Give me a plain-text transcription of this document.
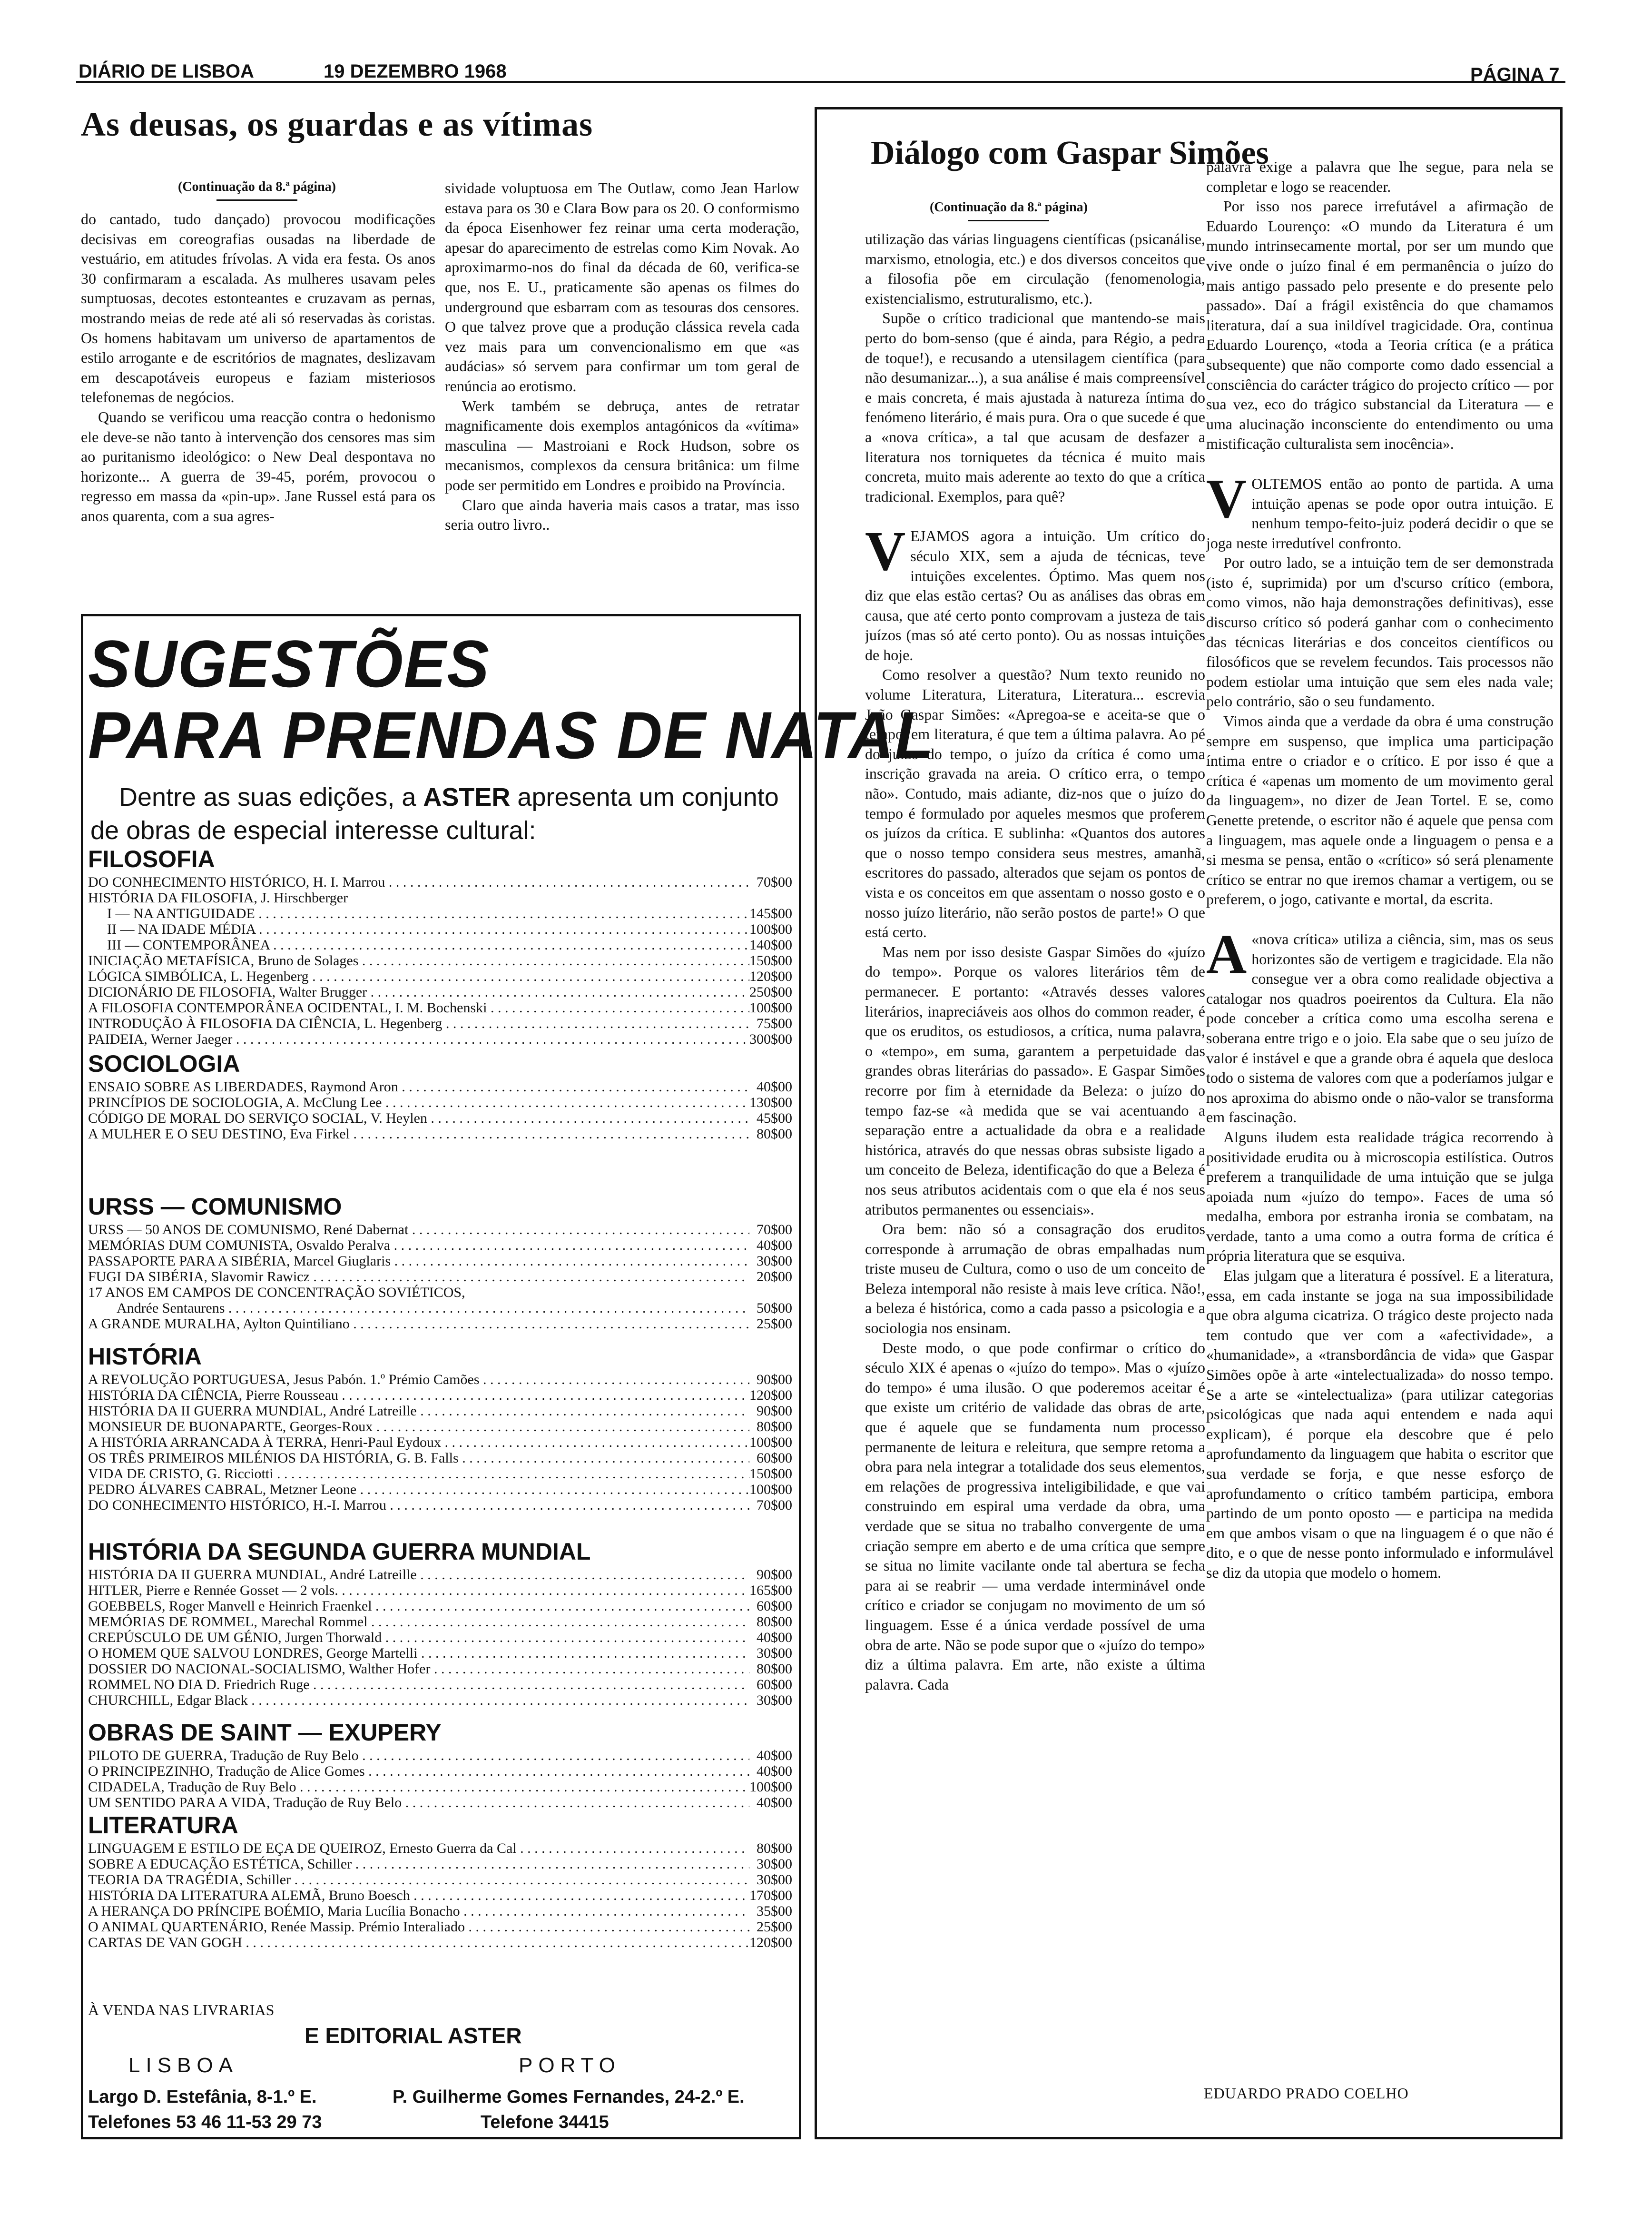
DIÁRIO DE LISBOA	19 DEZEMBRO 1968	PÁGINA 7
As deusas, os guardas e as vítimas
(Continuação da 8.ª página)

do cantado, tudo dançado) provocou modificações decisivas em coreografias ousadas na liberdade de vestuário, em atitudes frívolas. A vida era festa. Os anos 30 confirmaram a escalada. As mulheres usavam peles sumptuosas, decotes estonteantes e cruzavam as pernas, mostrando meias de rede até ali só reservadas às coristas. Os homens habitavam um universo de apartamentos de estilo arrogante e de escritórios de magnates, deslizavam em descapotáveis europeus e faziam misteriosos telefonemas de negócios.

Quando se verificou uma reacção contra o hedonismo ele deve-se não tanto à intervenção dos censores mas sim ao puritanismo ideológico: o New Deal despontava no horizonte... A guerra de 39-45, porém, provocou o regresso em massa da «pin-up». Jane Russel está para os anos quarenta, com a sua agres-

sividade voluptuosa em The Outlaw, como Jean Harlow estava para os 30 e Clara Bow para os 20. O conformismo da época Eisenhower fez reinar uma certa moderação, apesar do aparecimento de estrelas como Kim Novak. Ao aproximarmo-nos do final da década de 60, verifica-se que, nos E. U., praticamente são apenas os filmes do underground que esbarram com as tesouras dos censores. O que talvez prove que a produção clássica revela cada vez mais para um convencionalismo em que «as audácias» só servem para confirmar um tom geral de renúncia ao erotismo.

Werk também se debruça, antes de retratar magnificamente dois exemplos antagónicos da «vítima» masculina — Mastroiani e Rock Hudson, sobre os mecanismos, complexos da censura britânica: um filme pode ser permitido em Londres e proibido na Província.

Claro que ainda haveria mais casos a tratar, mas isso seria outro livro..

SUGESTÕES
PARA PRENDAS DE NATAL
Dentre as suas edições, a ASTER apresenta um conjunto de obras de especial interesse cultural:
FILOSOFIA
DO CONHECIMENTO HISTÓRICO, H. I. Marrou . . .	70$00
HISTÓRIA DA FILOSOFIA, J. Hirschberger
I — NA ANTIGUIDADE . . .	145$00
II — NA IDADE MÉDIA . . .	100$00
III — CONTEMPORÂNEA . . .	140$00
INICIAÇÃO METAFÍSICA, Bruno de Solages . . .	150$00
LÓGICA SIMBÓLICA, L. Hegenberg . . .	120$00
DICIONÁRIO DE FILOSOFIA, Walter Brugger . . .	250$00
A FILOSOFIA CONTEMPORÂNEA OCIDENTAL, I. M. Bochenski . . .	100$00
INTRODUÇÃO À FILOSOFIA DA CIÊNCIA, L. Hegenberg . . .	75$00
PAIDEIA, Werner Jaeger . . .	300$00
SOCIOLOGIA
ENSAIO SOBRE AS LIBERDADES, Raymond Aron . . .	40$00
PRINCÍPIOS DE SOCIOLOGIA, A. McClung Lee . . .	130$00
CÓDIGO DE MORAL DO SERVIÇO SOCIAL, V. Heylen . . .	45$00
A MULHER E O SEU DESTINO, Eva Firkel . . .	80$00
URSS — COMUNISMO
URSS — 50 ANOS DE COMUNISMO, René Dabernat . . .	70$00
MEMÓRIAS DUM COMUNISTA, Osvaldo Peralva . . .	40$00
PASSAPORTE PARA A SIBÉRIA, Marcel Giuglaris . . .	30$00
FUGI DA SIBÉRIA, Slavomir Rawicz . . .	20$00
17 ANOS EM CAMPOS DE CONCENTRAÇÃO SOVIÉTICOS,
Andrée Sentaurens . . .	50$00
A GRANDE MURALHA, Aylton Quintiliano . . .	25$00
HISTÓRIA
A REVOLUÇÃO PORTUGUESA, Jesus Pabón. 1.º Prémio Camões . . .	90$00
HISTÓRIA DA CIÊNCIA, Pierre Rousseau . . .	120$00
HISTÓRIA DA II GUERRA MUNDIAL, André Latreille . . .	90$00
MONSIEUR DE BUONAPARTE, Georges-Roux . . .	80$00
A HISTÓRIA ARRANCADA À TERRA, Henri-Paul Eydoux . . .	100$00
OS TRÊS PRIMEIROS MILÉNIOS DA HISTÓRIA, G. B. Falls . . .	60$00
VIDA DE CRISTO, G. Ricciotti . . .	150$00
PEDRO ÁLVARES CABRAL, Metzner Leone . . .	100$00
DO CONHECIMENTO HISTÓRICO, H.-I. Marrou . . .	70$00
HISTÓRIA DA SEGUNDA GUERRA MUNDIAL
HISTÓRIA DA II GUERRA MUNDIAL, André Latreille . . .	90$00
HITLER, Pierre e Rennée Gosset — 2 vols. . . .	165$00
GOEBBELS, Roger Manvell e Heinrich Fraenkel . . .	60$00
MEMÓRIAS DE ROMMEL, Marechal Rommel . . .	80$00
CREPÚSCULO DE UM GÉNIO, Jurgen Thorwald . . .	40$00
O HOMEM QUE SALVOU LONDRES, George Martelli . . .	30$00
DOSSIER DO NACIONAL-SOCIALISMO, Walther Hofer . . .	80$00
ROMMEL NO DIA D. Friedrich Ruge . . .	60$00
CHURCHILL, Edgar Black . . .	30$00
OBRAS DE SAINT — EXUPERY
PILOTO DE GUERRA, Tradução de Ruy Belo . . .	40$00
O PRINCIPEZINHO, Tradução de Alice Gomes . . .	40$00
CIDADELA, Tradução de Ruy Belo . . .	100$00
UM SENTIDO PARA A VIDA, Tradução de Ruy Belo . . .	40$00
LITERATURA
LINGUAGEM E ESTILO DE EÇA DE QUEIROZ, Ernesto Guerra da Cal . . .	80$00
SOBRE A EDUCAÇÃO ESTÉTICA, Schiller . . .	30$00
TEORIA DA TRAGÉDIA, Schiller . . .	30$00
HISTÓRIA DA LITERATURA ALEMÃ, Bruno Boesch . . .	170$00
A HERANÇA DO PRÍNCIPE BOÉMIO, Maria Lucília Bonacho . . .	35$00
O ANIMAL QUARTENÁRIO, Renée Massip. Prémio Interaliado . . .	25$00
CARTAS DE VAN GOGH . . .	120$00
À VENDA NAS LIVRARIAS
E EDITORIAL ASTER
LISBOA	PORTO
Largo D. Estefânia, 8-1.º E.
Telefones 53 46 11-53 29 73
P. Guilherme Gomes Fernandes, 24-2.º E.
Telefone 34415
Diálogo com Gaspar Simões
(Continuação da 8.ª página)

utilização das várias linguagens científicas (psicanálise, marxismo, etnologia, etc.) e dos diversos conceitos que a filosofia põe em circulação (fenomenologia, existencialismo, estruturalismo, etc.).

Supõe o crítico tradicional que mantendo-se mais perto do bom-senso (que é ainda, para Régio, a pedra de toque!), e recusando a utensilagem científica (para não desumanizar...), a sua análise é mais compreensível e mais concreta, é mais ajustada à natureza íntima do fenómeno literário, é mais pura. Ora o que sucede é que a «nova crítica», a tal que acusam de desfazer a literatura nos torniquetes da técnica é muito mais concreta, muito mais aderente ao texto do que a crítica tradicional. Exemplos, para quê?

VEJAMOS agora a intuição. Um crítico do século XIX, sem a ajuda de técnicas, teve intuições excelentes. Óptimo. Mas quem nos diz que elas estão certas? Ou as análises das obras em causa, que até certo ponto comprovam a justeza de tais juízos (mas só até certo ponto). Ou as nossas intuições de hoje.

Como resolver a questão? Num texto reunido no volume Literatura, Literatura, Literatura... escrevia João Gaspar Simões: «Apregoa-se e aceita-se que o tempo, em literatura, é que tem a última palavra. Ao pé do juízo do tempo, o juízo da crítica é como uma inscrição gravada na areia. O crítico erra, o tempo não». Contudo, mais adiante, diz-nos que o juízo do tempo é formulado por aqueles mesmos que proferem os juízos da crítica. E sublinha: «Quantos dos autores que o nosso tempo considera seus mestres, amanhã, escritores do passado, alterados que sejam os pontos de vista e os conceitos em que assentam o nosso gosto e o nosso juízo literário, não serão postos de parte!» O que está certo.

Mas nem por isso desiste Gaspar Simões do «juízo do tempo». Porque os valores literários têm de permanecer. E portanto: «Através desses valores literários, inapreciáveis aos olhos do common reader, é que os eruditos, os estudiosos, a crítica, numa palavra, o «tempo», em suma, garantem a perpetuidade das grandes obras literárias do passado». E Gaspar Simões recorre por fim à eternidade da Beleza: o juízo do tempo faz-se «à medida que se vai acentuando a separação entre a actualidade da obra e a realidade histórica, através do que nessas obras subsiste ligado a um conceito de Beleza, identificação do que a Beleza é nos seus atributos acidentais com o que ela é nos seus atributos permanentes ou essenciais».

Ora bem: não só a consagração dos eruditos corresponde à arrumação de obras empalhadas num triste museu de Cultura, como o uso de um conceito de Beleza intemporal não resiste à mais leve crítica. Não!, a beleza é histórica, como a cada passo a psicologia e a sociologia nos ensinam.

Deste modo, o que pode confirmar o crítico do século XIX é apenas o «juízo do tempo». Mas o «juízo do tempo» é uma ilusão. O que poderemos aceitar é que existe um critério de validade das obras de arte, que é aquele que se fundamenta num processo permanente de leitura e releitura, que sempre retoma a obra para nela integrar a totalidade dos seus elementos, em relações de progressiva inteligibilidade, e que vai construindo em espiral uma verdade da obra, uma verdade que se situa no trabalho convergente de uma criação sempre em aberto e de uma crítica que sempre se situa no limite vacilante onde tal abertura se fecha para ai se reabrir — uma verdade interminável onde crítico e criador se conjugam no movimento de um só linguagem. Esse é a única verdade possível de uma obra de arte. Não se pode supor que o «juízo do tempo» diz a última palavra. Em arte, não existe a última palavra. Cada

palavra exige a palavra que lhe segue, para nela se completar e logo se reacender.

Por isso nos parece irrefutável a afirmação de Eduardo Lourenço: «O mundo da Literatura é um mundo intrinsecamente mortal, por ser um mundo que vive onde o juízo final é em permanência o juízo do mais antigo passado pelo presente e do presente pelo passado». Daí a frágil existência do que chamamos literatura, daí a sua inildível tragicidade. Ora, continua Eduardo Lourenço, «toda a Teoria crítica (e a prática subsequente) que não comporte como dado essencial a consciência do carácter trágico do projecto crítico — por sua vez, eco do trágico substancial da Literatura — e uma alucinação inconsciente do entendimento ou uma mistificação culturalista sem inocência».

VOLTEMOS então ao ponto de partida. A uma intuição apenas se pode opor outra intuição. E nenhum tempo-feito-juiz poderá decidir o que se joga neste irredutível confronto.

Por outro lado, se a intuição tem de ser demonstrada (isto é, suprimida) por um d'scurso crítico (embora, como vimos, não haja demonstrações definitivas), esse discurso crítico só poderá ganhar com o conhecimento das técnicas literárias e dos conceitos científicos ou filosóficos que se revelem fecundos. Tais processos não podem estiolar uma intuição que sem eles nada vale; pelo contrário, são o seu fundamento.

Vimos ainda que a verdade da obra é uma construção sempre em suspenso, que implica uma participação íntima entre o criador e o crítico. E por isso é que a crítica é «apenas um momento de um movimento geral da linguagem», no dizer de Jean Tortel. E se, como Genette pretende, o escritor não é aquele que pensa com a linguagem, mas aquele onde a linguagem o pensa e a si mesma se pensa, então o «crítico» só será plenamente crítico se entrar no que iremos chamar a vertigem, ou se preferem, o jogo, cativante e mortal, da escrita.

A «nova crítica» utiliza a ciência, sim, mas os seus horizontes são de vertigem e tragicidade. Ela não consegue ver a obra como realidade objectiva a catalogar nos quadros poeirentos da Cultura. Ela não pode conceber a crítica como uma escolha serena e soberana entre trigo e o joio. Ela sabe que o seu juízo de valor é instável e que a grande obra é aquela que desloca todo o sistema de valores com que a poderíamos julgar e nos aproxima do abismo onde o não-valor se transforma em fascinação.

Alguns iludem esta realidade trágica recorrendo à positividade erudita ou à microscopia estilística. Outros preferem a tranquilidade de uma intuição que se julga apoiada num «juízo do tempo». Faces de uma só medalha, embora por estranha ironia se combatam, na verdade, tanto a uma como a outra forma de crítica é própria literatura que se esquiva.

Elas julgam que a literatura é possível. E a literatura, essa, em cada instante se joga na sua impossibilidade que obra alguma cicatriza. O trágico deste projecto nada tem contudo que ver com a «afectividade», a «humanidade», a «transbordância de vida» que Gaspar Simões opõe à arte «intelectualizada» do nosso tempo. Se a arte se «intelectualiza» (para utilizar categorias psicológicas que nada aqui entendem e nada aqui explicam), é porque ela descobre que é pelo aprofundamento da linguagem que habita o escritor que sua verdade se forja, e que nesse esforço de aprofundamento o crítico também participa, embora partindo de um ponto oposto — e participa na medida em que ambos visam o que na linguagem é o que não é dito, e o que de nesse ponto informulado e informulável se diz da utopia que modelo o homem.

EDUARDO PRADO COELHO
